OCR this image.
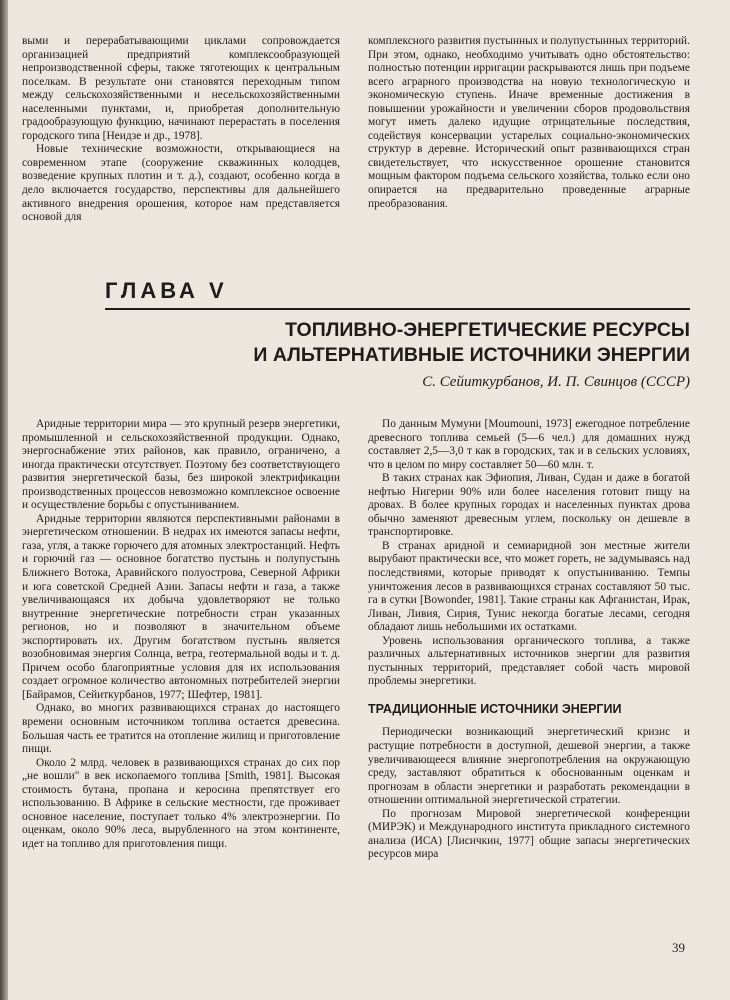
выми и перерабатывающими циклами сопровождается организацией предприятий комплексообразующей непроизводственной сферы, также тяготеющих к центральным поселкам. В результате они становятся переходным типом между сельскохозяйственными и несельскохозяйственными населенными пунктами, и, приобретая дополнительную градообразующую функцию, начинают перерастать в поселения городского типа [Неидзе и др., 1978].

Новые технические возможности, открывающиеся на современном этапе (сооружение скважинных колодцев, возведение крупных плотин и т. д.), создают, особенно когда в дело включается государство, перспективы для дальнейшего активного внедрения орошения, которое нам представляется основой для

комплексного развития пустынных и полупустынных территорий. При этом, однако, необходимо учитывать одно обстоятельство: полностью потенции ирригации раскрываются лишь при подъеме всего аграрного производства на новую технологическую и экономическую ступень. Иначе временные достижения в повышении урожайности и увеличении сборов продовольствия могут иметь далеко идущие отрицательные последствия, содействуя консервации устарелых социально-экономических структур в деревне. Исторический опыт развивающихся стран свидетельствует, что искусственное орошение становится мощным фактором подъема сельского хозяйства, только если оно опирается на предварительно проведенные аграрные преобразования.

ГЛАВА V
ТОПЛИВНО-ЭНЕРГЕТИЧЕСКИЕ РЕСУРСЫ
И АЛЬТЕРНАТИВНЫЕ ИСТОЧНИКИ ЭНЕРГИИ

С. Сейиткурбанов, И. П. Свинцов (СССР)

Аридные территории мира — это крупный резерв энергетики, промышленной и сельскохозяйственной продукции. Однако, энергоснабжение этих районов, как правило, ограничено, а иногда практически отсутствует. Поэтому без соответствующего развития энергетической базы, без широкой электрификации производственных процессов невозможно комплексное освоение и осуществление борьбы с опустыниванием.

Аридные территории являются перспективными районами в энергетическом отношении. В недрах их имеются запасы нефти, газа, угля, а также горючего для атомных электростанций. Нефть и горючий газ — основное богатство пустынь и полупустынь Ближнего Вотока, Аравийского полуострова, Северной Африки и юга советской Средней Азии. Запасы нефти и газа, а также увеличивающаяся их добыча удовлетворяют не только внутренние энергетические потребности стран указанных регионов, но и позволяют в значительном объеме экспортировать их. Другим богатством пустынь является возобновимая энергия Солнца, ветра, геотермальной воды и т. д. Причем особо благоприятные условия для их использования создает огромное количество автономных потребителей энергии [Байрамов, Сейиткурбанов, 1977; Шефтер, 1981].

Однако, во многих развивающихся странах до настоящего времени основным источником топлива остается древесина. Большая часть ее тратится на отопление жилищ и приготовление пищи.

Около 2 млрд. человек в развивающихся странах до сих пор „не вошли" в век ископаемого топлива [Smith, 1981]. Высокая стоимость бутана, пропана и керосина препятствует его использованию. В Африке в сельские местности, где проживает основное население, поступает только 4% электроэнергии. По оценкам, около 90% леса, вырубленного на этом континенте, идет на топливо для приготовления пищи.

По данным Мумуни [Moumouni, 1973] ежегодное потребление древесного топлива семьей (5—6 чел.) для домашних нужд составляет 2,5—3,0 т как в городских, так и в сельских условиях, что в целом по миру составляет 50—60 млн. т.

В таких странах как Эфиопия, Ливан, Судан и даже в богатой нефтью Нигерии 90% или более населения готовит пищу на дровах. В более крупных городах и населенных пунктах дрова обычно заменяют древесным углем, поскольку он дешевле в транспортировке.

В странах аридной и семиаридной зон местные жители вырубают практически все, что может гореть, не задумываясь над последствиями, которые приводят к опустыниванию. Темпы уничтожения лесов в развивающихся странах составляют 50 тыс. га в сутки [Bowonder, 1981]. Такие страны как Афганистан, Ирак, Ливан, Ливия, Сирия, Тунис некогда богатые лесами, сегодня обладают лишь небольшими их остатками.

Уровень использования органического топлива, а также различных альтернативных источников энергии для развития пустынных территорий, представляет собой часть мировой проблемы энергетики.

ТРАДИЦИОННЫЕ ИСТОЧНИКИ ЭНЕРГИИ

Периодически возникающий энергетический кризис и растущие потребности в доступной, дешевой энергии, а также увеличивающееся влияние энергопотребления на окружающую среду, заставляют обратиться к обоснованным оценкам и прогнозам в области энергетики и разработать рекомендации в отношении оптимальной энергетической стратегии.

По прогнозам Мировой энергетической конференции (МИРЭК) и Международного института прикладного системного анализа (ИСА) [Лисичкин, 1977] общие запасы энергетических ресурсов мира

39
